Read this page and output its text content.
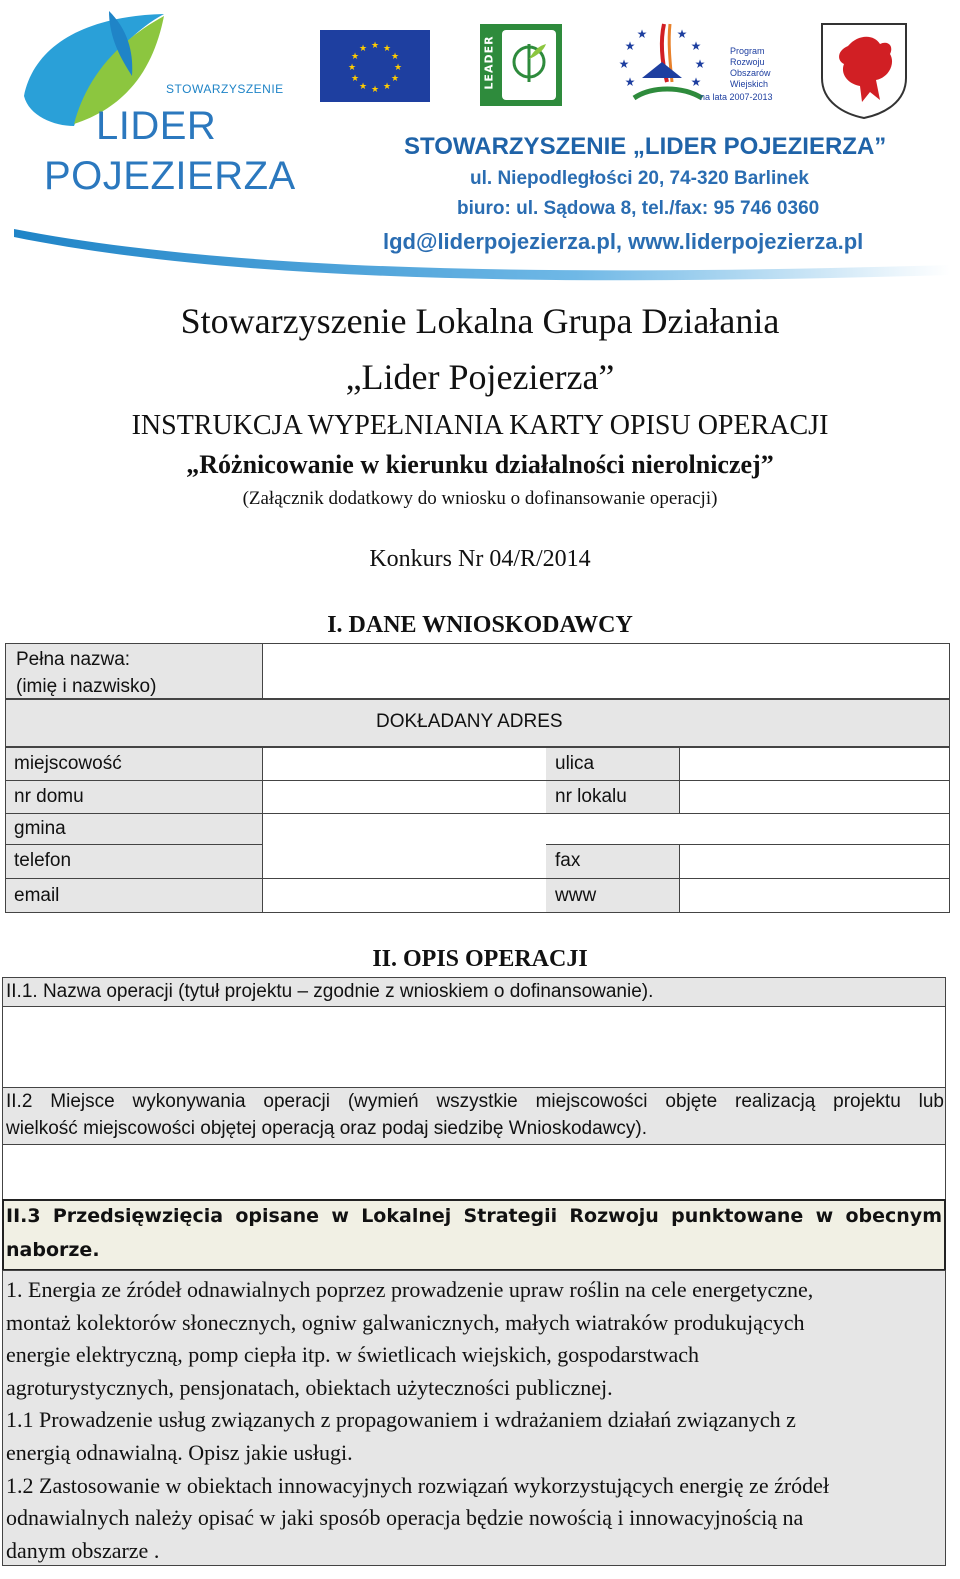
STOWARZYSZENIE
LIDER
POJEZIERZA
★ ★
★
★
★
★
★
★
★
★
★
★	LEADER	★
★
★
★ ★
★
★
★
Program
Rozwoju
Obszarów
Wiejskich
na lata 2007-2013
STOWARZYSZENIE „LIDER POJEZIERZA”
ul. Niepodległości 20, 74-320 Barlinek
biuro: ul. Sądowa 8, tel./fax: 95 746 0360
lgd@liderpojezierza.pl, www.liderpojezierza.pl
Stowarzyszenie Lokalna Grupa Działania
„Lider Pojezierza”
INSTRUKCJA WYPEŁNIANIA KARTY OPISU OPERACJI
„Różnicowanie w kierunku działalności nierolniczej”
(Załącznik dodatkowy do wniosku o dofinansowanie operacji)
Konkurs Nr 04/R/2014
I. DANE WNIOSKODAWCY
Pełna nazwa:
(imię i nazwisko)
DOKŁADANY ADRES
miejscowość	ulica
nr domu	nr lokalu
gmina
telefon	fax
email	www
II. OPIS OPERACJI
II.1. Nazwa operacji (tytuł projektu – zgodnie z wnioskiem o dofinansowanie).
II.2 Miejsce wykonywania operacji (wymień wszystkie miejscowości objęte realizacją projektu lub
wielkość miejscowości objętej operacją oraz podaj siedzibę Wnioskodawcy).
II.3 Przedsięwzięcia opisane w Lokalnej Strategii Rozwoju punktowane w obecnym
naborze.
1. Energia ze źródeł odnawialnych poprzez prowadzenie upraw roślin na cele energetyczne,
montaż kolektorów słonecznych, ogniw galwanicznych, małych wiatraków produkujących
energie elektryczną, pomp ciepła itp. w świetlicach wiejskich, gospodarstwach
agroturystycznych, pensjonatach, obiektach użyteczności publicznej.
1.1 Prowadzenie usług związanych z propagowaniem i wdrażaniem działań związanych z
energią odnawialną. Opisz jakie usługi.
1.2 Zastosowanie w obiektach innowacyjnych rozwiązań wykorzystujących energię ze źródeł
odnawialnych należy opisać w jaki sposób operacja będzie nowością i innowacyjnością na
danym obszarze .
